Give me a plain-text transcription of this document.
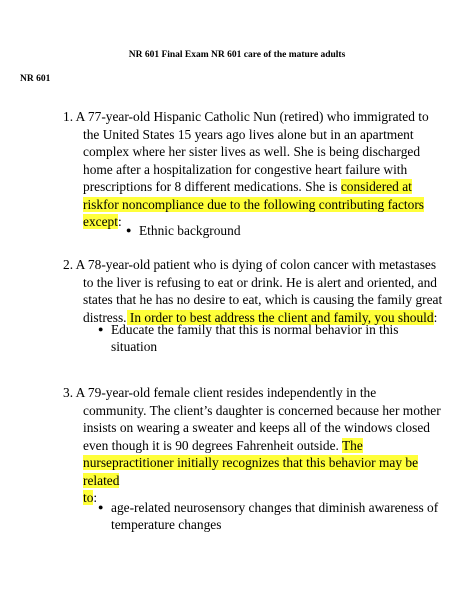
NR 601 Final Exam NR 601 care of the mature adults
NR 601
1. A 77-year-old Hispanic Catholic Nun (retired) who immigrated to
the United States 15 years ago lives alone but in an apartment
complex where her sister lives as well. She is being discharged
home after a hospitalization for congestive heart failure with
prescriptions for 8 different medications. She is considered at
riskfor noncompliance due to the following contributing factors
except:
● Ethnic background
2. A 78-year-old patient who is dying of colon cancer with metastases
to the liver is refusing to eat or drink. He is alert and oriented, and
states that he has no desire to eat, which is causing the family great
distress. In order to best address the client and family, you should:
● Educate the family that this is normal behavior in this
situation
3. A 79-year-old female client resides independently in the
community. The client’s daughter is concerned because her mother
insists on wearing a sweater and keeps all of the windows closed
even though it is 90 degrees Fahrenheit outside. The
nursepractitioner initially recognizes that this behavior may be
related
to:
● age-related neurosensory changes that diminish awareness of
temperature changes
